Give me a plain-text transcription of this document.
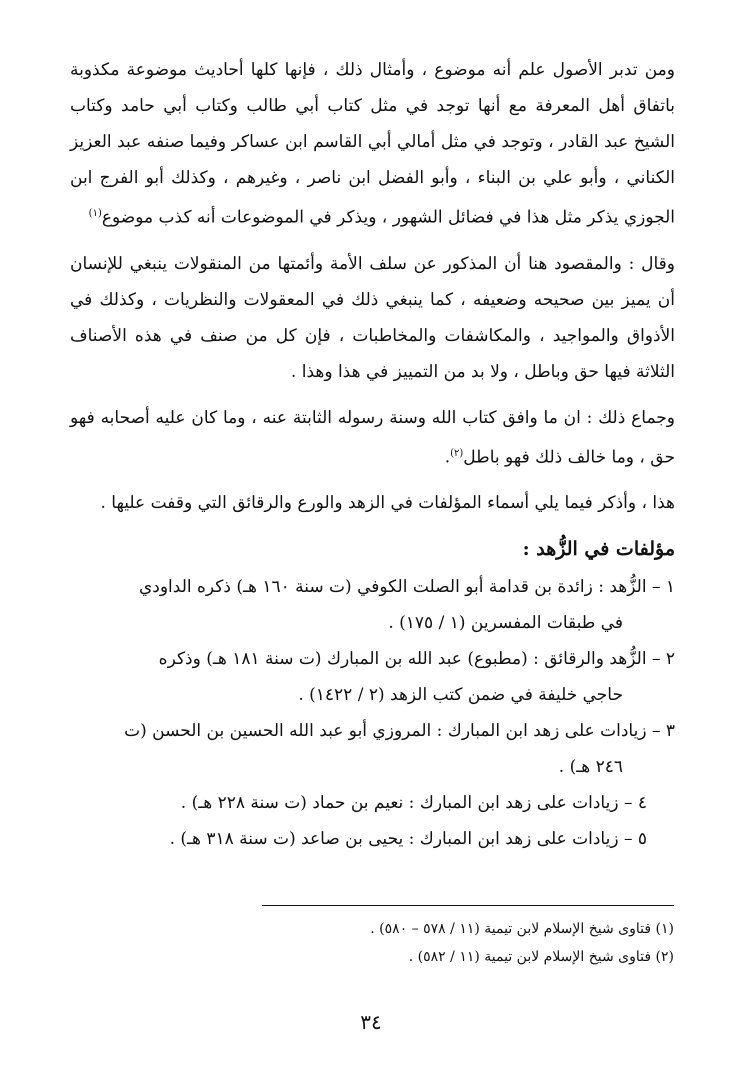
ومن تدبر الأصول علم أنه موضوع ، وأمثال ذلك ، فإنها كلها أحاديث موضوعة مكذوبة باتفاق أهل المعرفة مع أنها توجد في مثل كتاب أبي طالب وكتاب أبي حامد وكتاب الشيخ عبد القادر ، وتوجد في مثل أمالي أبي القاسم ابن عساكر وفيما صنفه عبد العزيز الكناني ، وأبو علي بن البناء ، وأبو الفضل ابن ناصر ، وغيرهم ، وكذلك أبو الفرج ابن الجوزي يذكر مثل هذا في فضائل الشهور ، ويذكر في الموضوعات أنه كذب موضوع$^{(١)}$

وقال : والمقصود هنا أن المذكور عن سلف الأمة وأئمتها من المنقولات ينبغي للإنسان أن يميز بين صحيحه وضعيفه ، كما ينبغي ذلك في المعقولات والنظريات ، وكذلك في الأذواق والمواجيد ، والمكاشفات والمخاطبات ، فإن كل من صنف في هذه الأصناف الثلاثة فيها حق وباطل ، ولا بد من التمييز في هذا وهذا .

وجماع ذلك : ان ما وافق كتاب الله وسنة رسوله الثابتة عنه ، وما كان عليه أصحابه فهو حق ، وما خالف ذلك فهو باطل$^{(٢)}$.

هذا ، وأذكر فيما يلي أسماء المؤلفات في الزهد والورع والرقائق التي وقفت عليها .

مؤلفات في الزُّهد :

١ – الزُّهد : زائدة بن قدامة أبو الصلت الكوفي (ت سنة ١٦٠ هـ) ذكره الداودي

في طبقات المفسرين (١ / ١٧٥) .

٢ – الزُّهد والرقائق : (مطبوع) عبد الله بن المبارك (ت سنة ١٨١ هـ) وذكره

حاجي خليفة في ضمن كتب الزهد (٢ / ١٤٢٢) .

٣ – زيادات على زهد ابن المبارك : المروزي أبو عبد الله الحسين بن الحسن (ت

٢٤٦ هـ) .

٤ – زيادات على زهد ابن المبارك : نعيم بن حماد (ت سنة ٢٢٨ هـ) .

٥ – زيادات على زهد ابن المبارك : يحيى بن صاعد (ت سنة ٣١٨ هـ) .

(١) فتاوى شيخ الإسلام لابن تيمية (١١ / ٥٧٨ – ٥٨٠) .
(٢) فتاوى شيخ الإسلام لابن تيمية (١١ / ٥٨٢) .
٣٤
